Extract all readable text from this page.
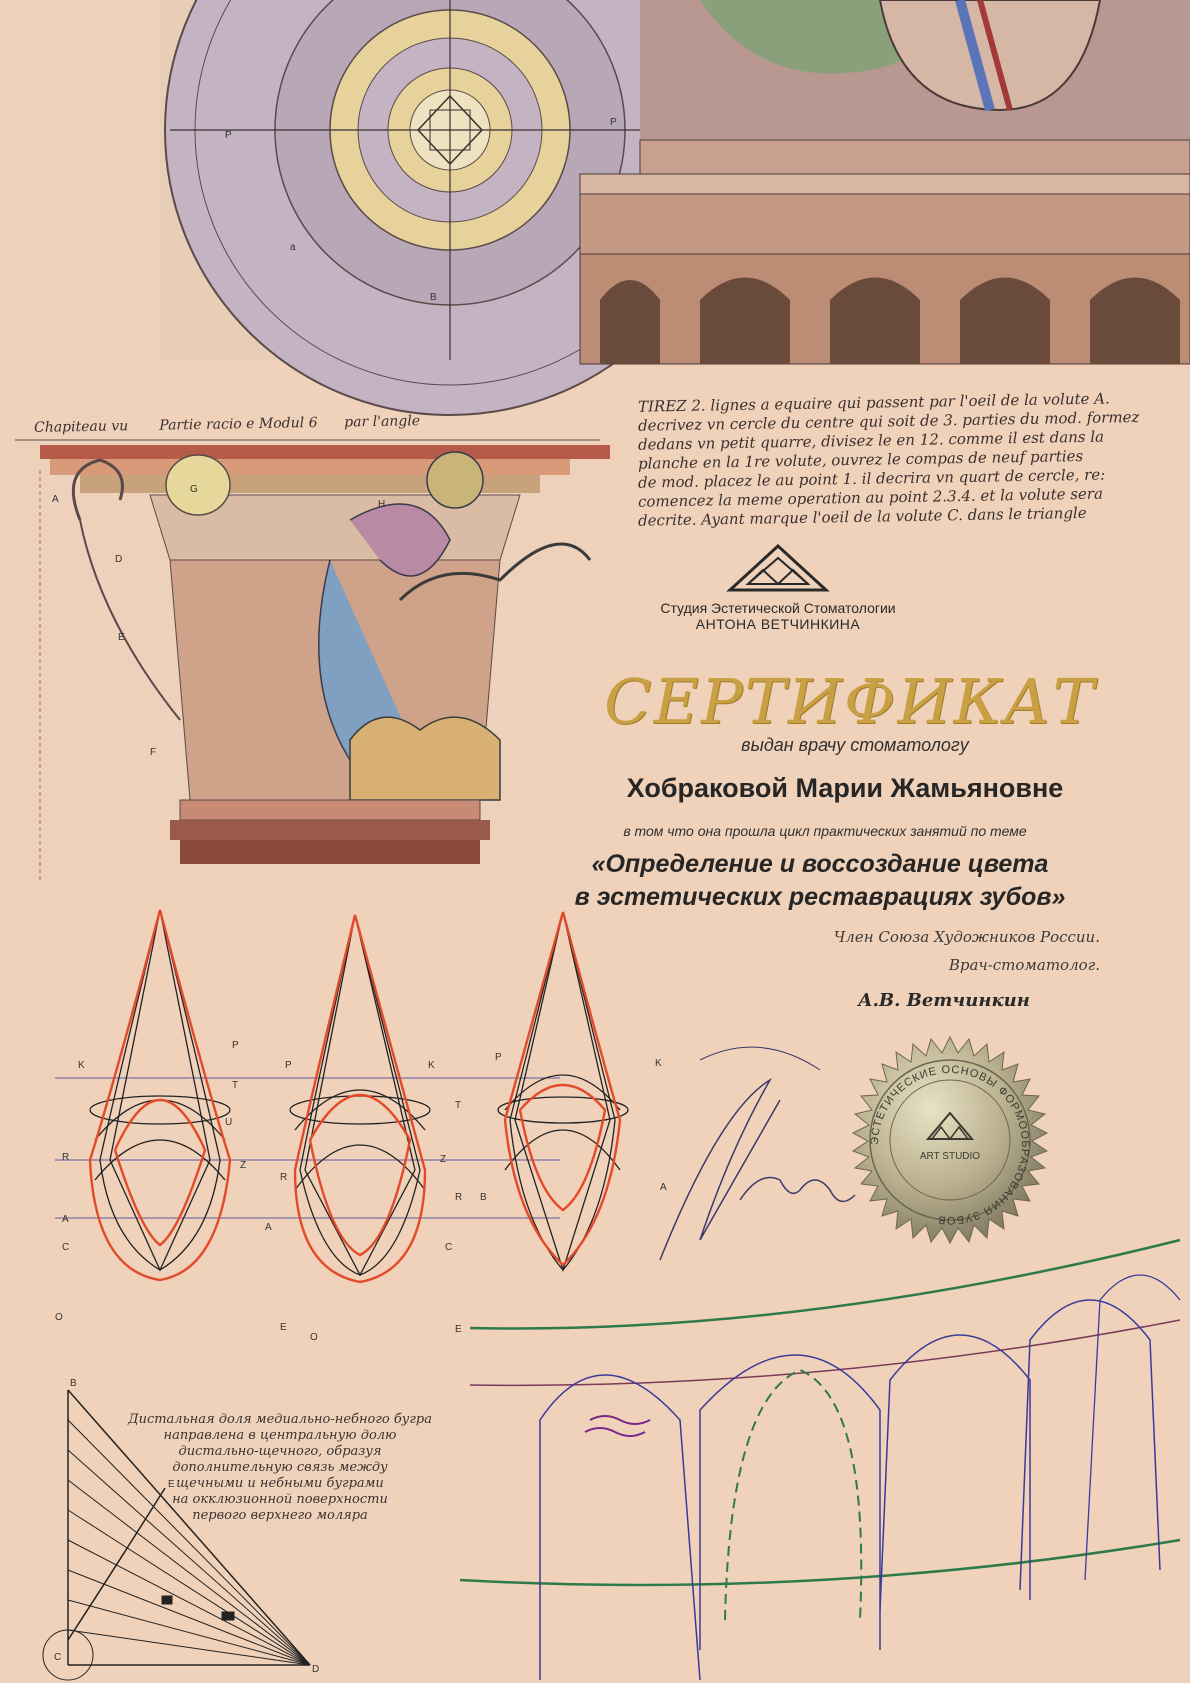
P
P
B
a
A
G
D
E
F
H
K
P
T
R
U
Z
A
C
O
P	K
T
Z
R
R
A
C
E
O
P
K
B
A
E
B
E
C
D
TIREZ 2. lignes a equaire qui passent par l'oeil de la volute A.
decrivez vn cercle du centre qui soit de 3. parties du mod. formez
dedans vn petit quarre, divisez le en 12. comme il est dans la
planche en la 1re volute, ouvrez le compas de neuf parties
de mod. placez le au point 1. il decrira vn quart de cercle, re:
comencez la meme operation au point 2.3.4. et la volute sera
decrite. Ayant marque l'oeil de la volute C. dans le triangle
Chapiteau vu       Partie racio e Modul 6      par l'angle
Студия Эстетической Стоматологии
АНТОНА ВЕТЧИНКИНА
СЕРТИФИКАТ
выдан врачу стоматологу
Хобраковой Марии Жамьяновне
в том что она прошла цикл практических занятий по теме
«Определение и воссоздание цвета
в эстетических реставрациях зубов»
Член Союза Художников России.
Врач-стоматолог.
А.В. Ветчинкин
ЭСТЕТИЧЕСКИЕ ОСНОВЫ ФОРМООБРАЗОВАНИЯ ЗУБОВ
ART STUDIO
Дистальная доля медиально-небного бугра
направлена в центральную долю
дистально-щечного, образуя
дополнительную связь между
щечными и небными буграми
на окклюзионной поверхности
первого верхнего моляра
